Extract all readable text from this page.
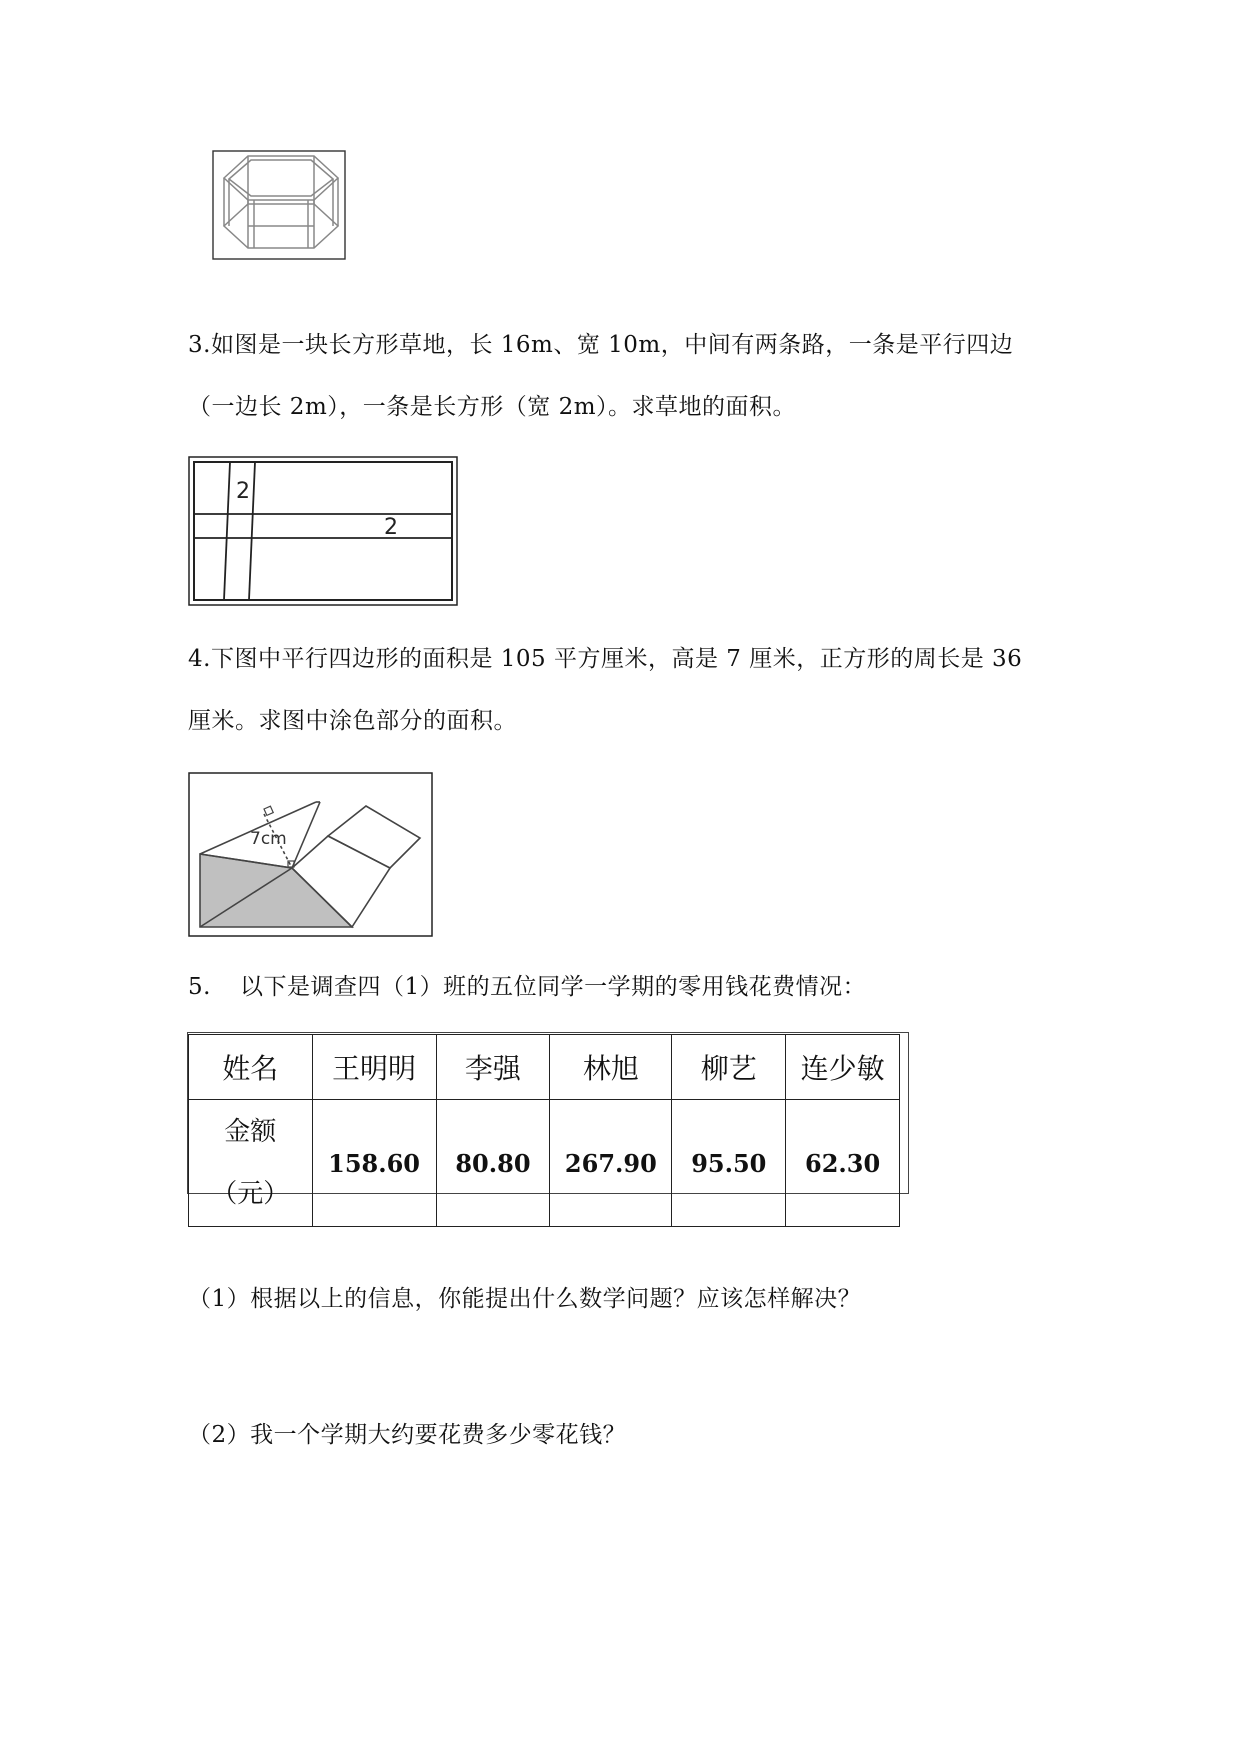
3.如图是一块长方形草地，长 16m、宽 10m，中间有两条路，一条是平行四边
（一边长 2m），一条是长方形（宽 2m）。求草地的面积。
2
2
4.下图中平行四边形的面积是 105 平方厘米，高是 7 厘米，正方形的周长是 36
厘米。求图中涂色部分的面积。
7cm
5. 以下是调查四（1）班的五位同学一学期的零用钱花费情况：
姓名	王明明	李强	林旭	柳艺	连少敏

金额
（元）	158.60	80.80	267.90	95.50	62.30
（1）根据以上的信息，你能提出什么数学问题？应该怎样解决？
（2）我一个学期大约要花费多少零花钱？
